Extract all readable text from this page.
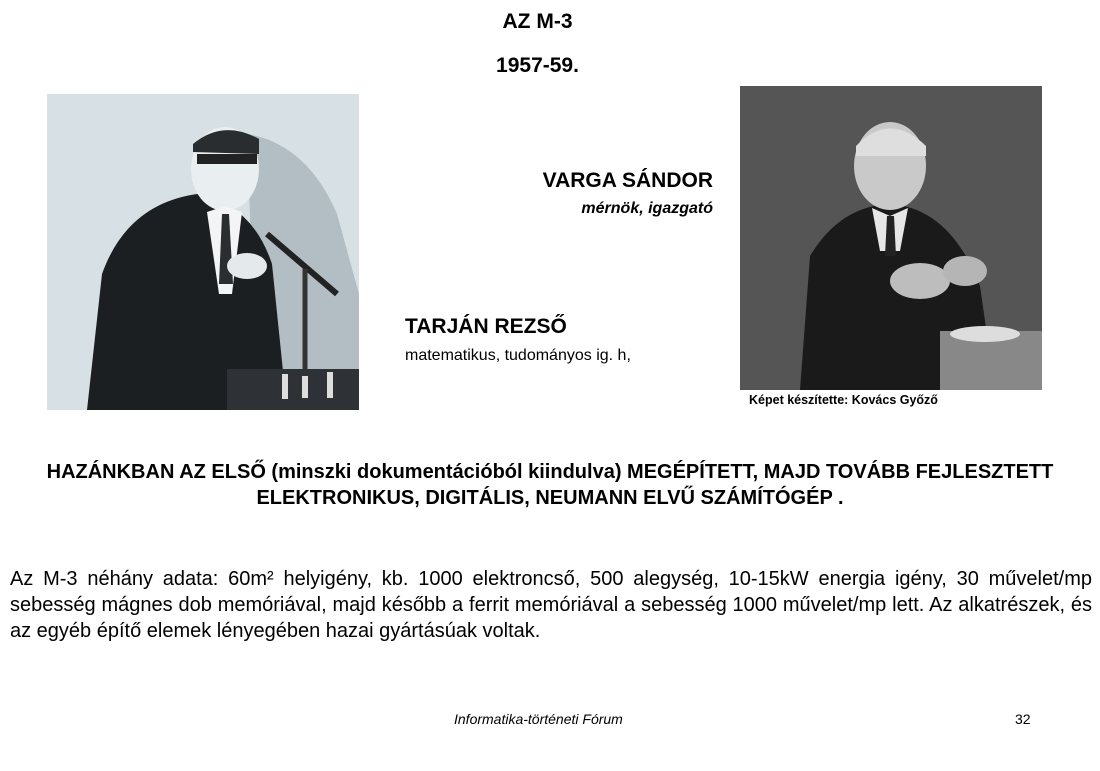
AZ M-3
1957-59.
TARJÁN REZSŐ
matematikus, tudományos ig. h,
VARGA SÁNDOR
mérnök, igazgató
Képet készítette: Kovács Győző
HAZÁNKBAN AZ ELSŐ (minszki dokumentációból kiindulva) MEGÉPÍTETT, MAJD TOVÁBB FEJLESZTETT ELEKTRONIKUS, DIGITÁLIS, NEUMANN ELVŰ SZÁMÍTÓGÉP .
Az M-3 néhány adata: 60m² helyigény, kb. 1000 elektroncső, 500 alegység, 10-15kW energia igény, 30 művelet/mp sebesség mágnes dob memóriával, majd később a ferrit memóriával a sebesség 1000 művelet/mp lett. Az alkatrészek, és az egyéb építő elemek lényegében hazai gyártásúak voltak.
Informatika-történeti Fórum	32
